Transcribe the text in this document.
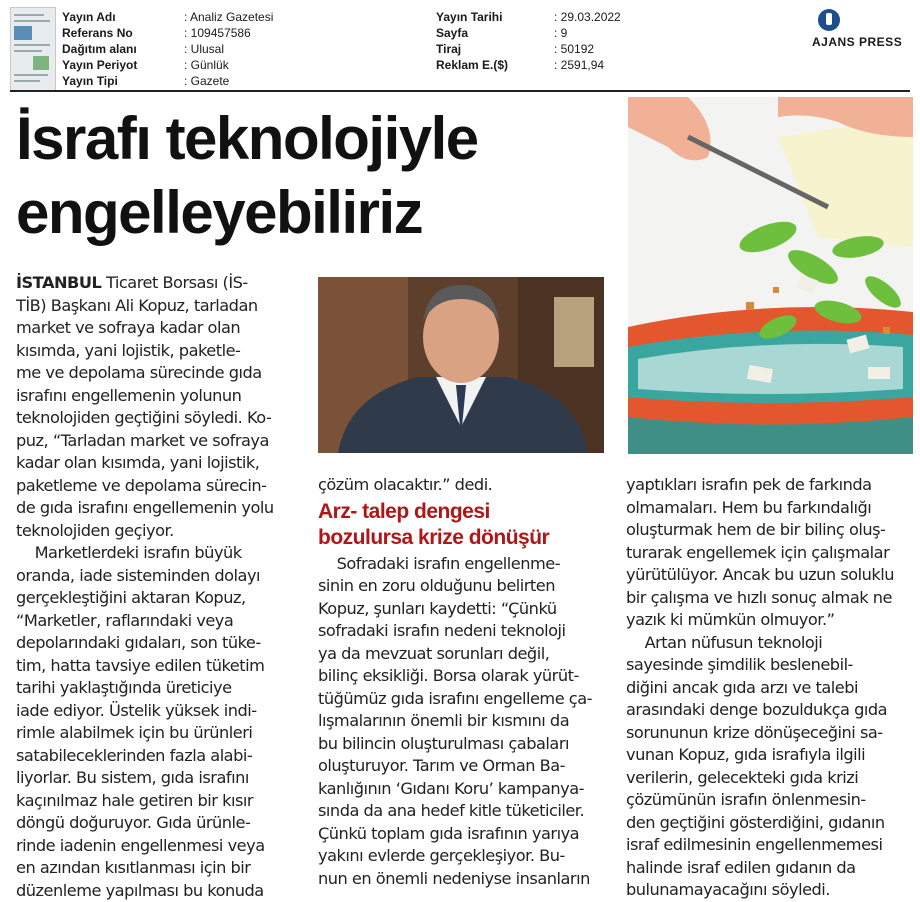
Yayın Adı	: Analiz Gazetesi
Referans No	: 109457586
Dağıtım alanı	: Ulusal
Yayın Periyot	: Günlük
Yayın Tipi	: Gazete
Yayın Tarihi	: 29.03.2022
Sayfa	: 9
Tiraj	: 50192
Reklam E.($)	: 2591,94
AJANS PRESS
İsrafı teknolojiyle
engelleyebiliriz
İSTANBUL Ticaret Borsası (İS-
TİB) Başkanı Ali Kopuz, tarladan
market ve sofraya kadar olan
kısımda, yani lojistik, paketle-
me ve depolama sürecinde gıda
israfını engellemenin yolunun
teknolojiden geçtiğini söyledi. Ko-
puz, “Tarladan market ve sofraya
kadar olan kısımda, yani lojistik,
paketleme ve depolama sürecin-
de gıda israfını engellemenin yolu
teknolojiden geçiyor.
Marketlerdeki israfın büyük
oranda, iade sisteminden dolayı
gerçekleştiğini aktaran Kopuz,
“Marketler, raflarındaki veya
depolarındaki gıdaları, son tüke-
tim, hatta tavsiye edilen tüketim
tarihi yaklaştığında üreticiye
iade ediyor. Üstelik yüksek indi-
rimle alabilmek için bu ürünleri
satabileceklerinden fazla alabi-
liyorlar. Bu sistem, gıda israfını
kaçınılmaz hale getiren bir kısır
döngü doğuruyor. Gıda ürünle-
rinde iadenin engellenmesi veya
en azından kısıtlanması için bir
düzenleme yapılması bu konuda
çözüm olacaktır.” dedi.
Arz- talep dengesi
bozulursa krize dönüşür
Sofradaki israfın engellenme-
sinin en zoru olduğunu belirten
Kopuz, şunları kaydetti: “Çünkü
sofradaki israfın nedeni teknoloji
ya da mevzuat sorunları değil,
bilinç eksikliği. Borsa olarak yürüt-
tüğümüz gıda israfını engelleme ça-
lışmalarının önemli bir kısmını da
bu bilincin oluşturulması çabaları
oluşturuyor. Tarım ve Orman Ba-
kanlığının ‘Gıdanı Koru’ kampanya-
sında da ana hedef kitle tüketiciler.
Çünkü toplam gıda israfının yarıya
yakını evlerde gerçekleşiyor. Bu-
nun en önemli nedeniyse insanların
yaptıkları israfın pek de farkında
olmamaları. Hem bu farkındalığı
oluşturmak hem de bir bilinç oluş-
turarak engellemek için çalışmalar
yürütülüyor. Ancak bu uzun soluklu
bir çalışma ve hızlı sonuç almak ne
yazık ki mümkün olmuyor.”
Artan nüfusun teknoloji
sayesinde şimdilik beslenebil-
diğini ancak gıda arzı ve talebi
arasındaki denge bozuldukça gıda
sorununun krize dönüşeceğini sa-
vunan Kopuz, gıda israfıyla ilgili
verilerin, gelecekteki gıda krizi
çözümünün israfın önlenmesin-
den geçtiğini gösterdiğini, gıdanın
israf edilmesinin engellenmemesi
halinde israf edilen gıdanın da
bulunamayacağını söyledi.
